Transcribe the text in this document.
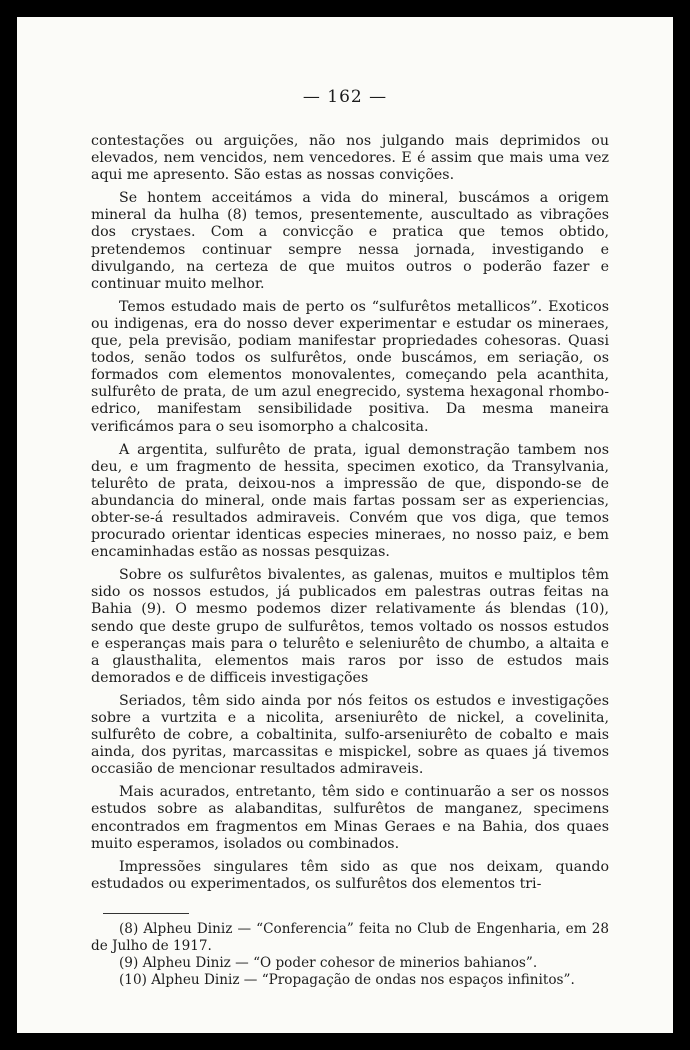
— 162 —

contestações ou arguições, não nos julgando mais deprimidos ou elevados, nem vencidos, nem vencedores. E é assim que mais uma vez aqui me apresento. São estas as nossas convições.

Se hontem acceitámos a vida do mineral, buscámos a origem mineral da hulha (8) temos, presentemente, auscultado as vibrações dos crystaes. Com a convicção e pratica que temos obtido, pretendemos continuar sempre nessa jornada, investigando e divulgando, na certeza de que muitos outros o poderão fazer e continuar muito melhor.

Temos estudado mais de perto os “sulfurêtos metallicos”. Exoticos ou indigenas, era do nosso dever experimentar e estudar os mineraes, que, pela previsão, podiam manifestar propriedades cohesoras. Quasi todos, senão todos os sulfurêtos, onde buscámos, em seriação, os formados com elementos monovalentes, começando pela acanthita, sulfurêto de prata, de um azul enegrecido, systema hexagonal rhomboedrico, manifestam sensibilidade positiva. Da mesma maneira verificámos para o seu isomorpho a chalcosita.

A argentita, sulfurêto de prata, igual demonstração tambem nos deu, e um fragmento de hessita, specimen exotico, da Transylvania, telurêto de prata, deixou-nos a impressão de que, dispondo-se de abundancia do mineral, onde mais fartas possam ser as experiencias, obter-se-á resultados admiraveis. Convém que vos diga, que temos procurado orientar identicas especies mineraes, no nosso paiz, e bem encaminhadas estão as nossas pesquizas.

Sobre os sulfurêtos bivalentes, as galenas, muitos e multiplos têm sido os nossos estudos, já publicados em palestras outras feitas na Bahia (9). O mesmo podemos dizer relativamente ás blendas (10), sendo que deste grupo de sulfurêtos, temos voltado os nossos estudos e esperanças mais para o telurêto e seleniurêto de chumbo, a altaita e a glausthalita, elementos mais raros por isso de estudos mais demorados e de difficeis investigações

Seriados, têm sido ainda por nós feitos os estudos e investigações sobre a vurtzita e a nicolita, arseniurêto de nickel, a covelinita, sulfurêto de cobre, a cobaltinita, sulfo-arseniurêto de cobalto e mais ainda, dos pyritas, marcassitas e mispickel, sobre as quaes já tivemos occasião de mencionar resultados admiraveis.

Mais acurados, entretanto, têm sido e continuarão a ser os nossos estudos sobre as alabanditas, sulfurêtos de manganez, specimens encontrados em fragmentos em Minas Geraes e na Bahia, dos quaes muito esperamos, isolados ou combinados.

Impressões singulares têm sido as que nos deixam, quando estudados ou experimentados, os sulfurêtos dos elementos tri-

(8) Alpheu Diniz — “Conferencia” feita no Club de Engenharia, em 28 de Julho de 1917.

(9) Alpheu Diniz — “O poder cohesor de minerios bahianos”.

(10) Alpheu Diniz — “Propagação de ondas nos espaços infinitos”.
